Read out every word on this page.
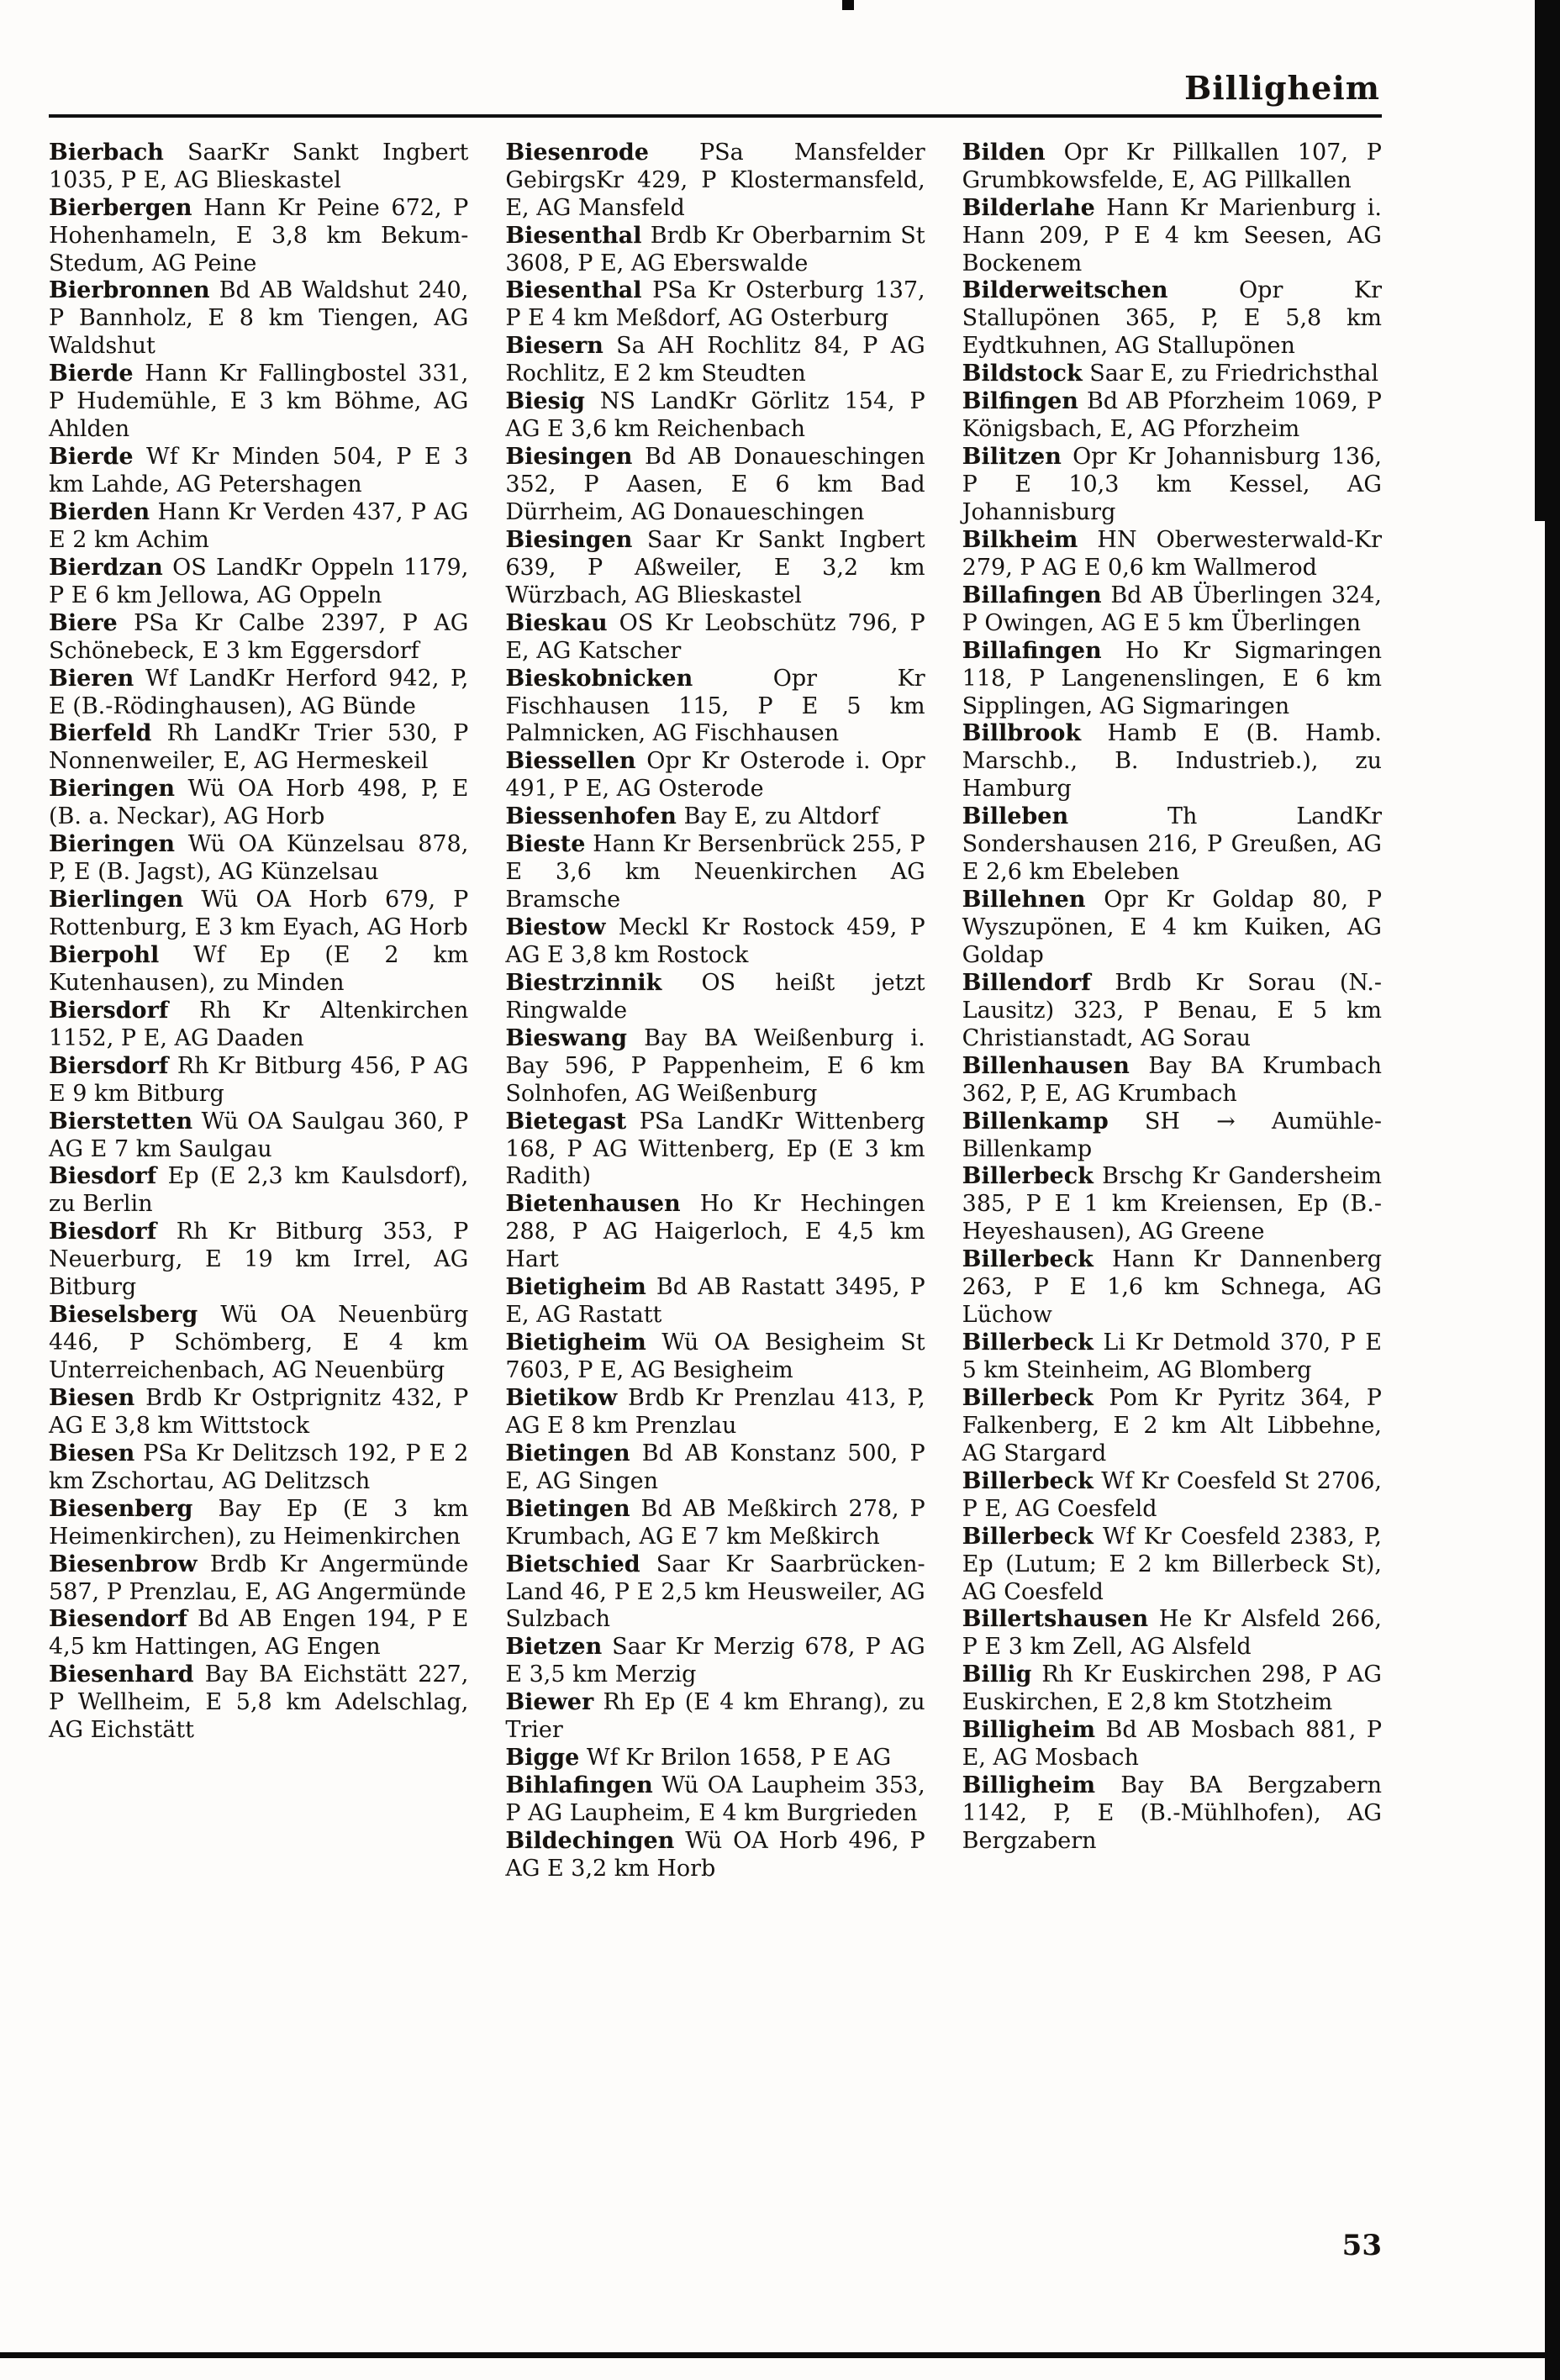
Billigheim

Bierbach SaarKr Sankt Ingbert 1035, P E, AG Blieskastel

Bierbergen Hann Kr Peine 672, P Hohenhameln, E 3,8 km Bekum-Stedum, AG Peine

Bierbronnen Bd AB Waldshut 240, P Bannholz, E 8 km Tiengen, AG Waldshut

Bierde Hann Kr Fallingbostel 331, P Hudemühle, E 3 km Böhme, AG Ahlden

Bierde Wf Kr Minden 504, P E 3 km Lahde, AG Petershagen

Bierden Hann Kr Verden 437, P AG E 2 km Achim

Bierdzan OS LandKr Oppeln 1179, P E 6 km Jellowa, AG Oppeln

Biere PSa Kr Calbe 2397, P AG Schönebeck, E 3 km Eggersdorf

Bieren Wf LandKr Herford 942, P, E (B.-Rödinghausen), AG Bünde

Bierfeld Rh LandKr Trier 530, P Nonnenweiler, E, AG Hermeskeil

Bieringen Wü OA Horb 498, P, E (B. a. Neckar), AG Horb

Bieringen Wü OA Künzelsau 878, P, E (B. Jagst), AG Künzelsau

Bierlingen Wü OA Horb 679, P Rottenburg, E 3 km Eyach, AG Horb

Bierpohl Wf Ep (E 2 km Kutenhausen), zu Minden

Biersdorf Rh Kr Altenkirchen 1152, P E, AG Daaden

Biersdorf Rh Kr Bitburg 456, P AG E 9 km Bitburg

Bierstetten Wü OA Saulgau 360, P AG E 7 km Saulgau

Biesdorf Ep (E 2,3 km Kaulsdorf), zu Berlin

Biesdorf Rh Kr Bitburg 353, P Neuerburg, E 19 km Irrel, AG Bitburg

Bieselsberg Wü OA Neuenbürg 446, P Schömberg, E 4 km Unterreichenbach, AG Neuenbürg

Biesen Brdb Kr Ostprignitz 432, P AG E 3,8 km Wittstock

Biesen PSa Kr Delitzsch 192, P E 2 km Zschortau, AG Delitzsch

Biesenberg Bay Ep (E 3 km Heimenkirchen), zu Heimenkirchen

Biesenbrow Brdb Kr Angermünde 587, P Prenzlau, E, AG Angermünde

Biesendorf Bd AB Engen 194, P E 4,5 km Hattingen, AG Engen

Biesenhard Bay BA Eichstätt 227, P Wellheim, E 5,8 km Adelschlag, AG Eichstätt

Biesenrode PSa Mansfelder GebirgsKr 429, P Klostermansfeld, E, AG Mansfeld

Biesenthal Brdb Kr Oberbarnim St 3608, P E, AG Eberswalde

Biesenthal PSa Kr Osterburg 137, P E 4 km Meßdorf, AG Osterburg

Biesern Sa AH Rochlitz 84, P AG Rochlitz, E 2 km Steudten

Biesig NS LandKr Görlitz 154, P AG E 3,6 km Reichenbach

Biesingen Bd AB Donaueschingen 352, P Aasen, E 6 km Bad Dürrheim, AG Donaueschingen

Biesingen Saar Kr Sankt Ingbert 639, P Aßweiler, E 3,2 km Würzbach, AG Blieskastel

Bieskau OS Kr Leobschütz 796, P E, AG Katscher

Bieskobnicken Opr Kr Fischhausen 115, P E 5 km Palmnicken, AG Fischhausen

Biessellen Opr Kr Osterode i. Opr 491, P E, AG Osterode

Biessenhofen Bay E, zu Altdorf

Bieste Hann Kr Bersenbrück 255, P E 3,6 km Neuenkirchen AG Bramsche

Biestow Meckl Kr Rostock 459, P AG E 3,8 km Rostock

Biestrzinnik OS heißt jetzt Ringwalde

Bieswang Bay BA Weißenburg i. Bay 596, P Pappenheim, E 6 km Solnhofen, AG Weißenburg

Bietegast PSa LandKr Wittenberg 168, P AG Wittenberg, Ep (E 3 km Radith)

Bietenhausen Ho Kr Hechingen 288, P AG Haigerloch, E 4,5 km Hart

Bietigheim Bd AB Rastatt 3495, P E, AG Rastatt

Bietigheim Wü OA Besigheim St 7603, P E, AG Besigheim

Bietikow Brdb Kr Prenzlau 413, P, AG E 8 km Prenzlau

Bietingen Bd AB Konstanz 500, P E, AG Singen

Bietingen Bd AB Meßkirch 278, P Krumbach, AG E 7 km Meßkirch

Bietschied Saar Kr Saarbrücken-Land 46, P E 2,5 km Heusweiler, AG Sulzbach

Bietzen Saar Kr Merzig 678, P AG E 3,5 km Merzig

Biewer Rh Ep (E 4 km Ehrang), zu Trier

Bigge Wf Kr Brilon 1658, P E AG

Bihlafingen Wü OA Laupheim 353, P AG Laupheim, E 4 km Burgrieden

Bildechingen Wü OA Horb 496, P AG E 3,2 km Horb

Bilden Opr Kr Pillkallen 107, P Grumbkowsfelde, E, AG Pillkallen

Bilderlahe Hann Kr Marienburg i. Hann 209, P E 4 km Seesen, AG Bockenem

Bilderweitschen Opr Kr Stallupönen 365, P, E 5,8 km Eydtkuhnen, AG Stallupönen

Bildstock Saar E, zu Friedrichsthal

Bilfingen Bd AB Pforzheim 1069, P Königsbach, E, AG Pforzheim

Bilitzen Opr Kr Johannisburg 136, P E 10,3 km Kessel, AG Johannisburg

Bilkheim HN Oberwesterwald-Kr 279, P AG E 0,6 km Wallmerod

Billafingen Bd AB Überlingen 324, P Owingen, AG E 5 km Überlingen

Billafingen Ho Kr Sigmaringen 118, P Langenenslingen, E 6 km Sipplingen, AG Sigmaringen

Billbrook Hamb E (B. Hamb. Marschb., B. Industrieb.), zu Hamburg

Billeben Th LandKr Sondershausen 216, P Greußen, AG E 2,6 km Ebeleben

Billehnen Opr Kr Goldap 80, P Wyszupönen, E 4 km Kuiken, AG Goldap

Billendorf Brdb Kr Sorau (N.-Lausitz) 323, P Benau, E 5 km Christianstadt, AG Sorau

Billenhausen Bay BA Krumbach 362, P, E, AG Krumbach

Billenkamp SH → Aumühle-Billenkamp

Billerbeck Brschg Kr Gandersheim 385, P E 1 km Kreiensen, Ep (B.-Heyeshausen), AG Greene

Billerbeck Hann Kr Dannenberg 263, P E 1,6 km Schnega, AG Lüchow

Billerbeck Li Kr Detmold 370, P E 5 km Steinheim, AG Blomberg

Billerbeck Pom Kr Pyritz 364, P Falkenberg, E 2 km Alt Libbehne, AG Stargard

Billerbeck Wf Kr Coesfeld St 2706, P E, AG Coesfeld

Billerbeck Wf Kr Coesfeld 2383, P, Ep (Lutum; E 2 km Billerbeck St), AG Coesfeld

Billertshausen He Kr Alsfeld 266, P E 3 km Zell, AG Alsfeld

Billig Rh Kr Euskirchen 298, P AG Euskirchen, E 2,8 km Stotzheim

Billigheim Bd AB Mosbach 881, P E, AG Mosbach

Billigheim Bay BA Bergzabern 1142, P, E (B.-Mühlhofen), AG Bergzabern

53
